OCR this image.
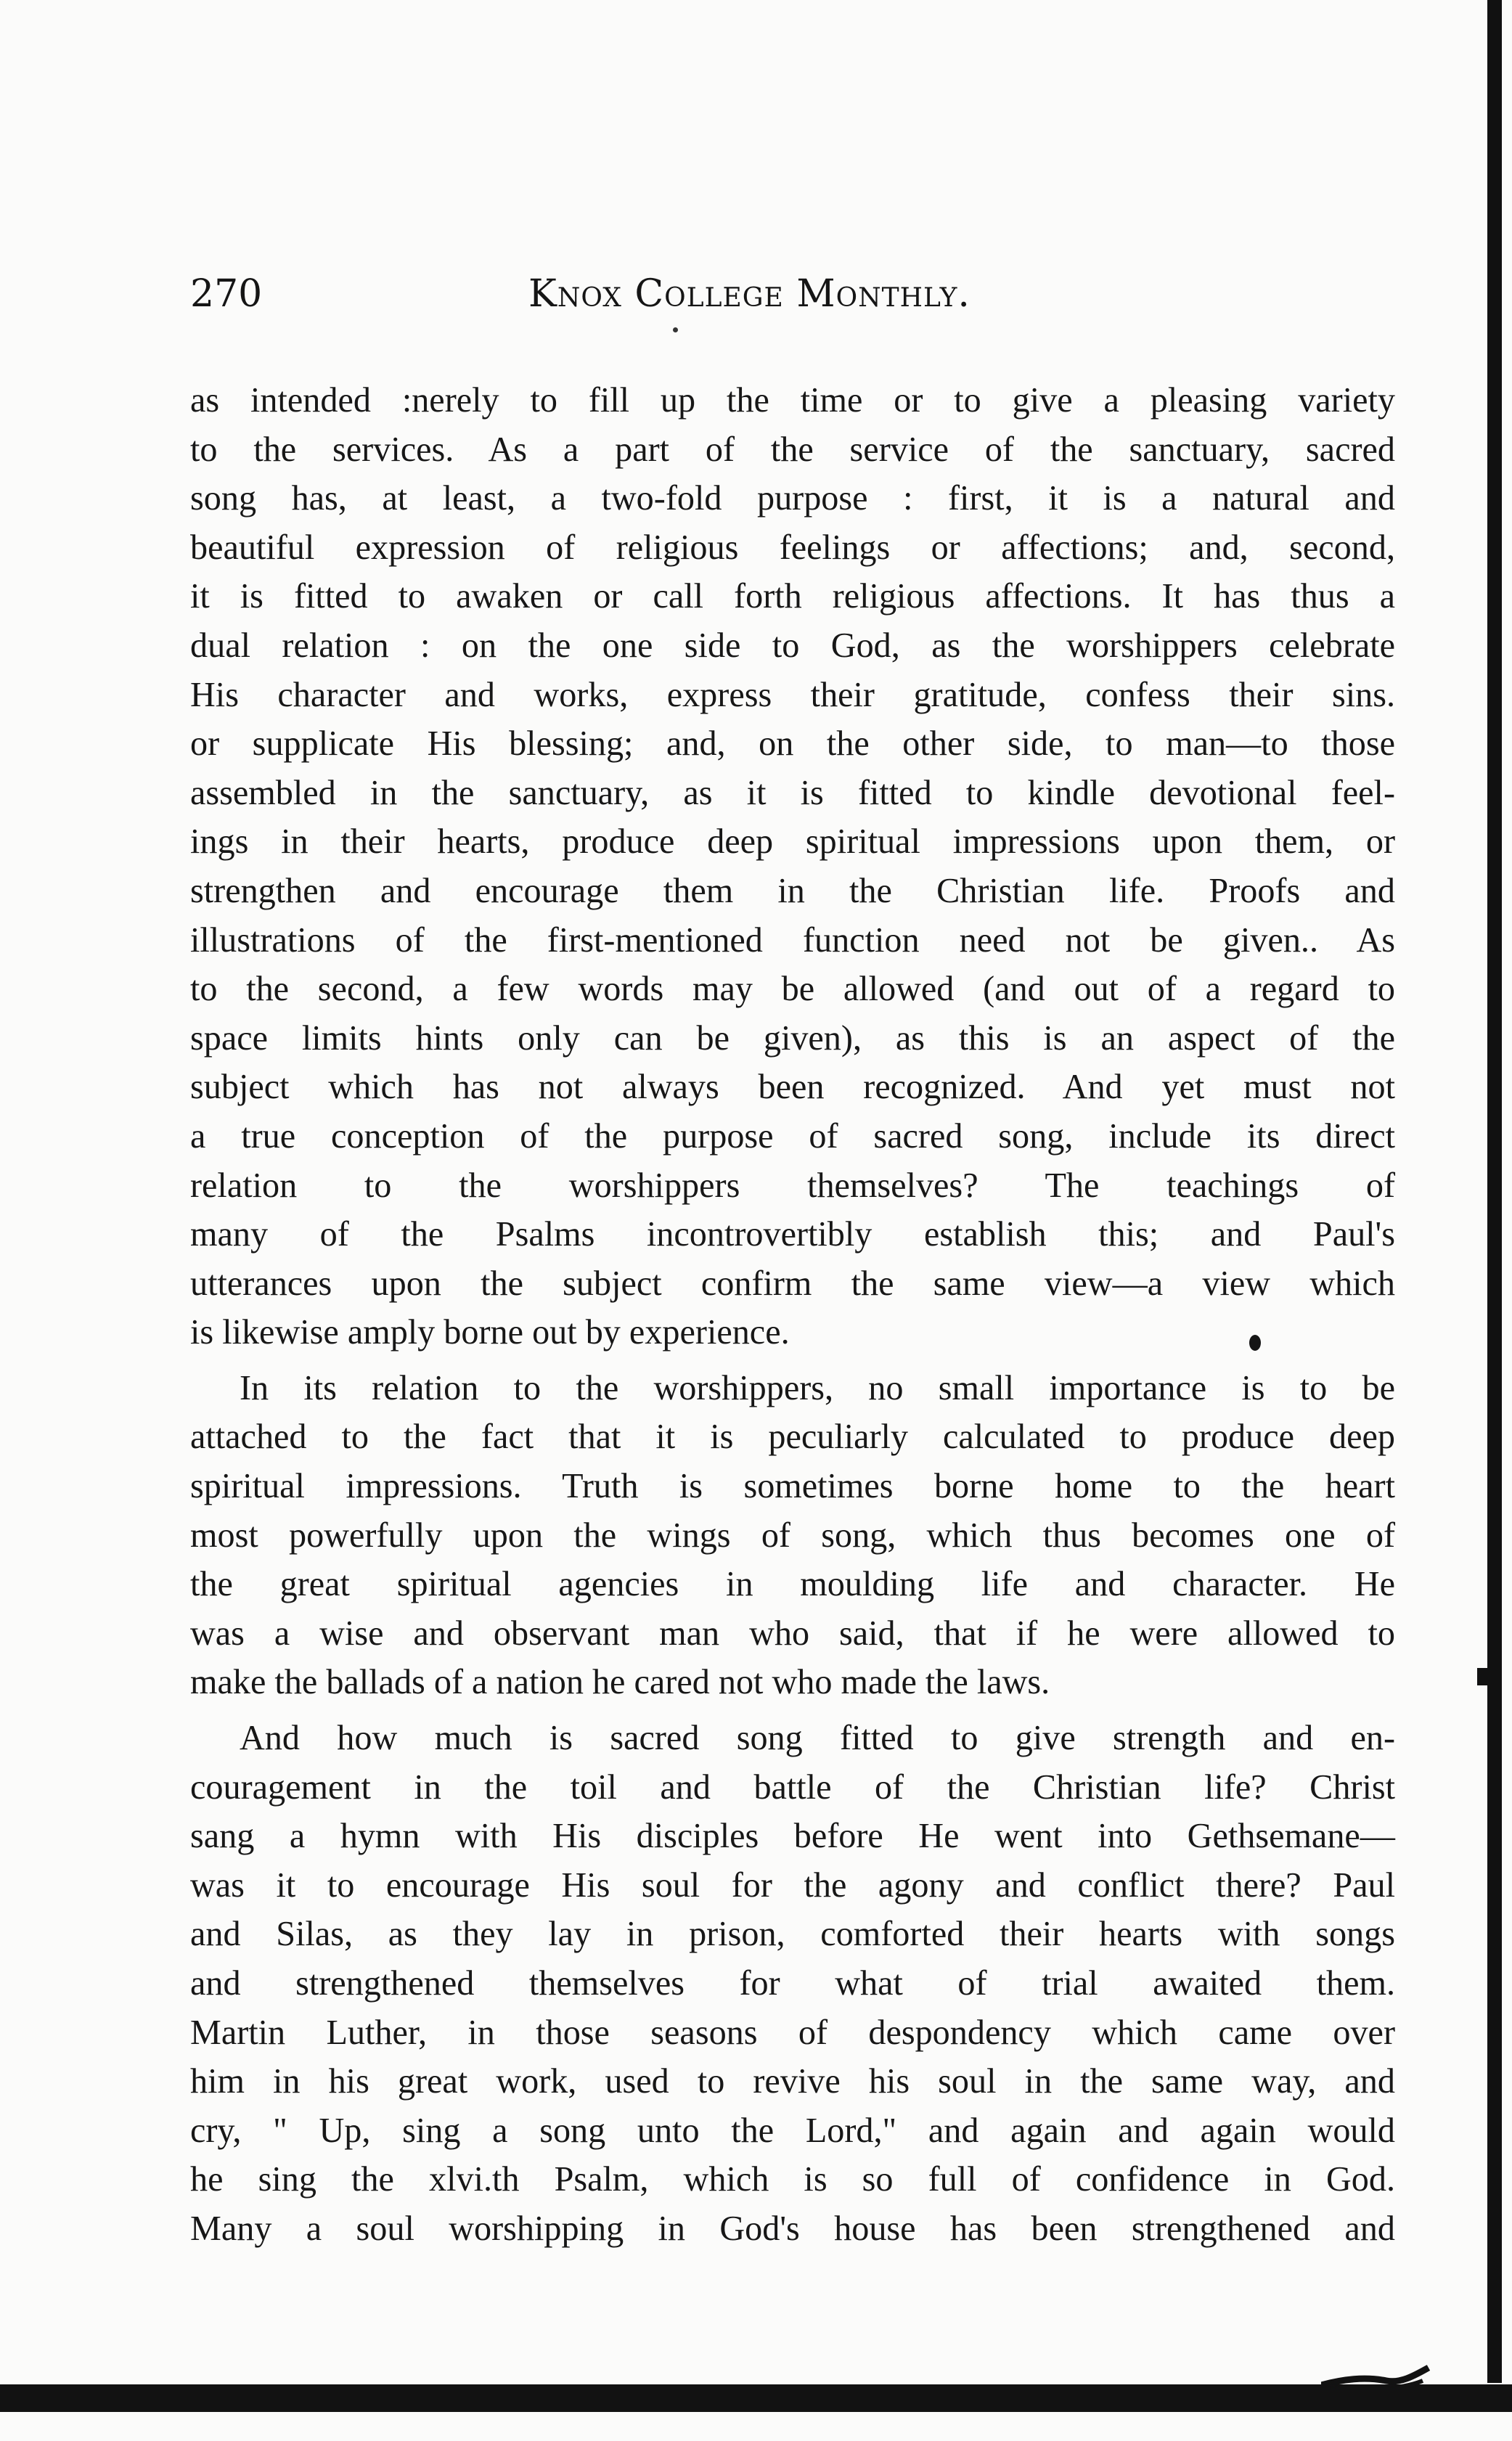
270	Knox College Monthly.

as intended :nerely to fill up the time or to give a pleasing variety
to the services. As a part of the service of the sanctuary, sacred
song has, at least, a two-fold purpose : first, it is a natural and
beautiful expression of religious feelings or affections; and, second,
it is fitted to awaken or call forth religious affections. It has thus a
dual relation : on the one side to God, as the worshippers celebrate
His character and works, express their gratitude, confess their sins.
or supplicate His blessing; and, on the other side, to man—to those
assembled in the sanctuary, as it is fitted to kindle devotional feel-
ings in their hearts, produce deep spiritual impressions upon them, or
strengthen and encourage them in the Christian life. Proofs and
illustrations of the first-mentioned function need not be given.. As
to the second, a few words may be allowed (and out of a regard to
space limits hints only can be given), as this is an aspect of the
subject which has not always been recognized. And yet must not
a true conception of the purpose of sacred song, include its direct
relation to the worshippers themselves? The teachings of
many of the Psalms incontrovertibly establish this; and Paul's
utterances upon the subject confirm the same view—a view which
is likewise amply borne out by experience.

In its relation to the worshippers, no small importance is to be
attached to the fact that it is peculiarly calculated to produce deep
spiritual impressions. Truth is sometimes borne home to the heart
most powerfully upon the wings of song, which thus becomes one of
the great spiritual agencies in moulding life and character. He
was a wise and observant man who said, that if he were allowed to
make the ballads of a nation he cared not who made the laws.

And how much is sacred song fitted to give strength and en-
couragement in the toil and battle of the Christian life? Christ
sang a hymn with His disciples before He went into Gethsemane—
was it to encourage His soul for the agony and conflict there? Paul
and Silas, as they lay in prison, comforted their hearts with songs
and strengthened themselves for what of trial awaited them.
Martin Luther, in those seasons of despondency which came over
him in his great work, used to revive his soul in the same way, and
cry, " Up, sing a song unto the Lord," and again and again would
he sing the xlvi.th Psalm, which is so full of confidence in God.
Many a soul worshipping in God's house has been strengthened and
